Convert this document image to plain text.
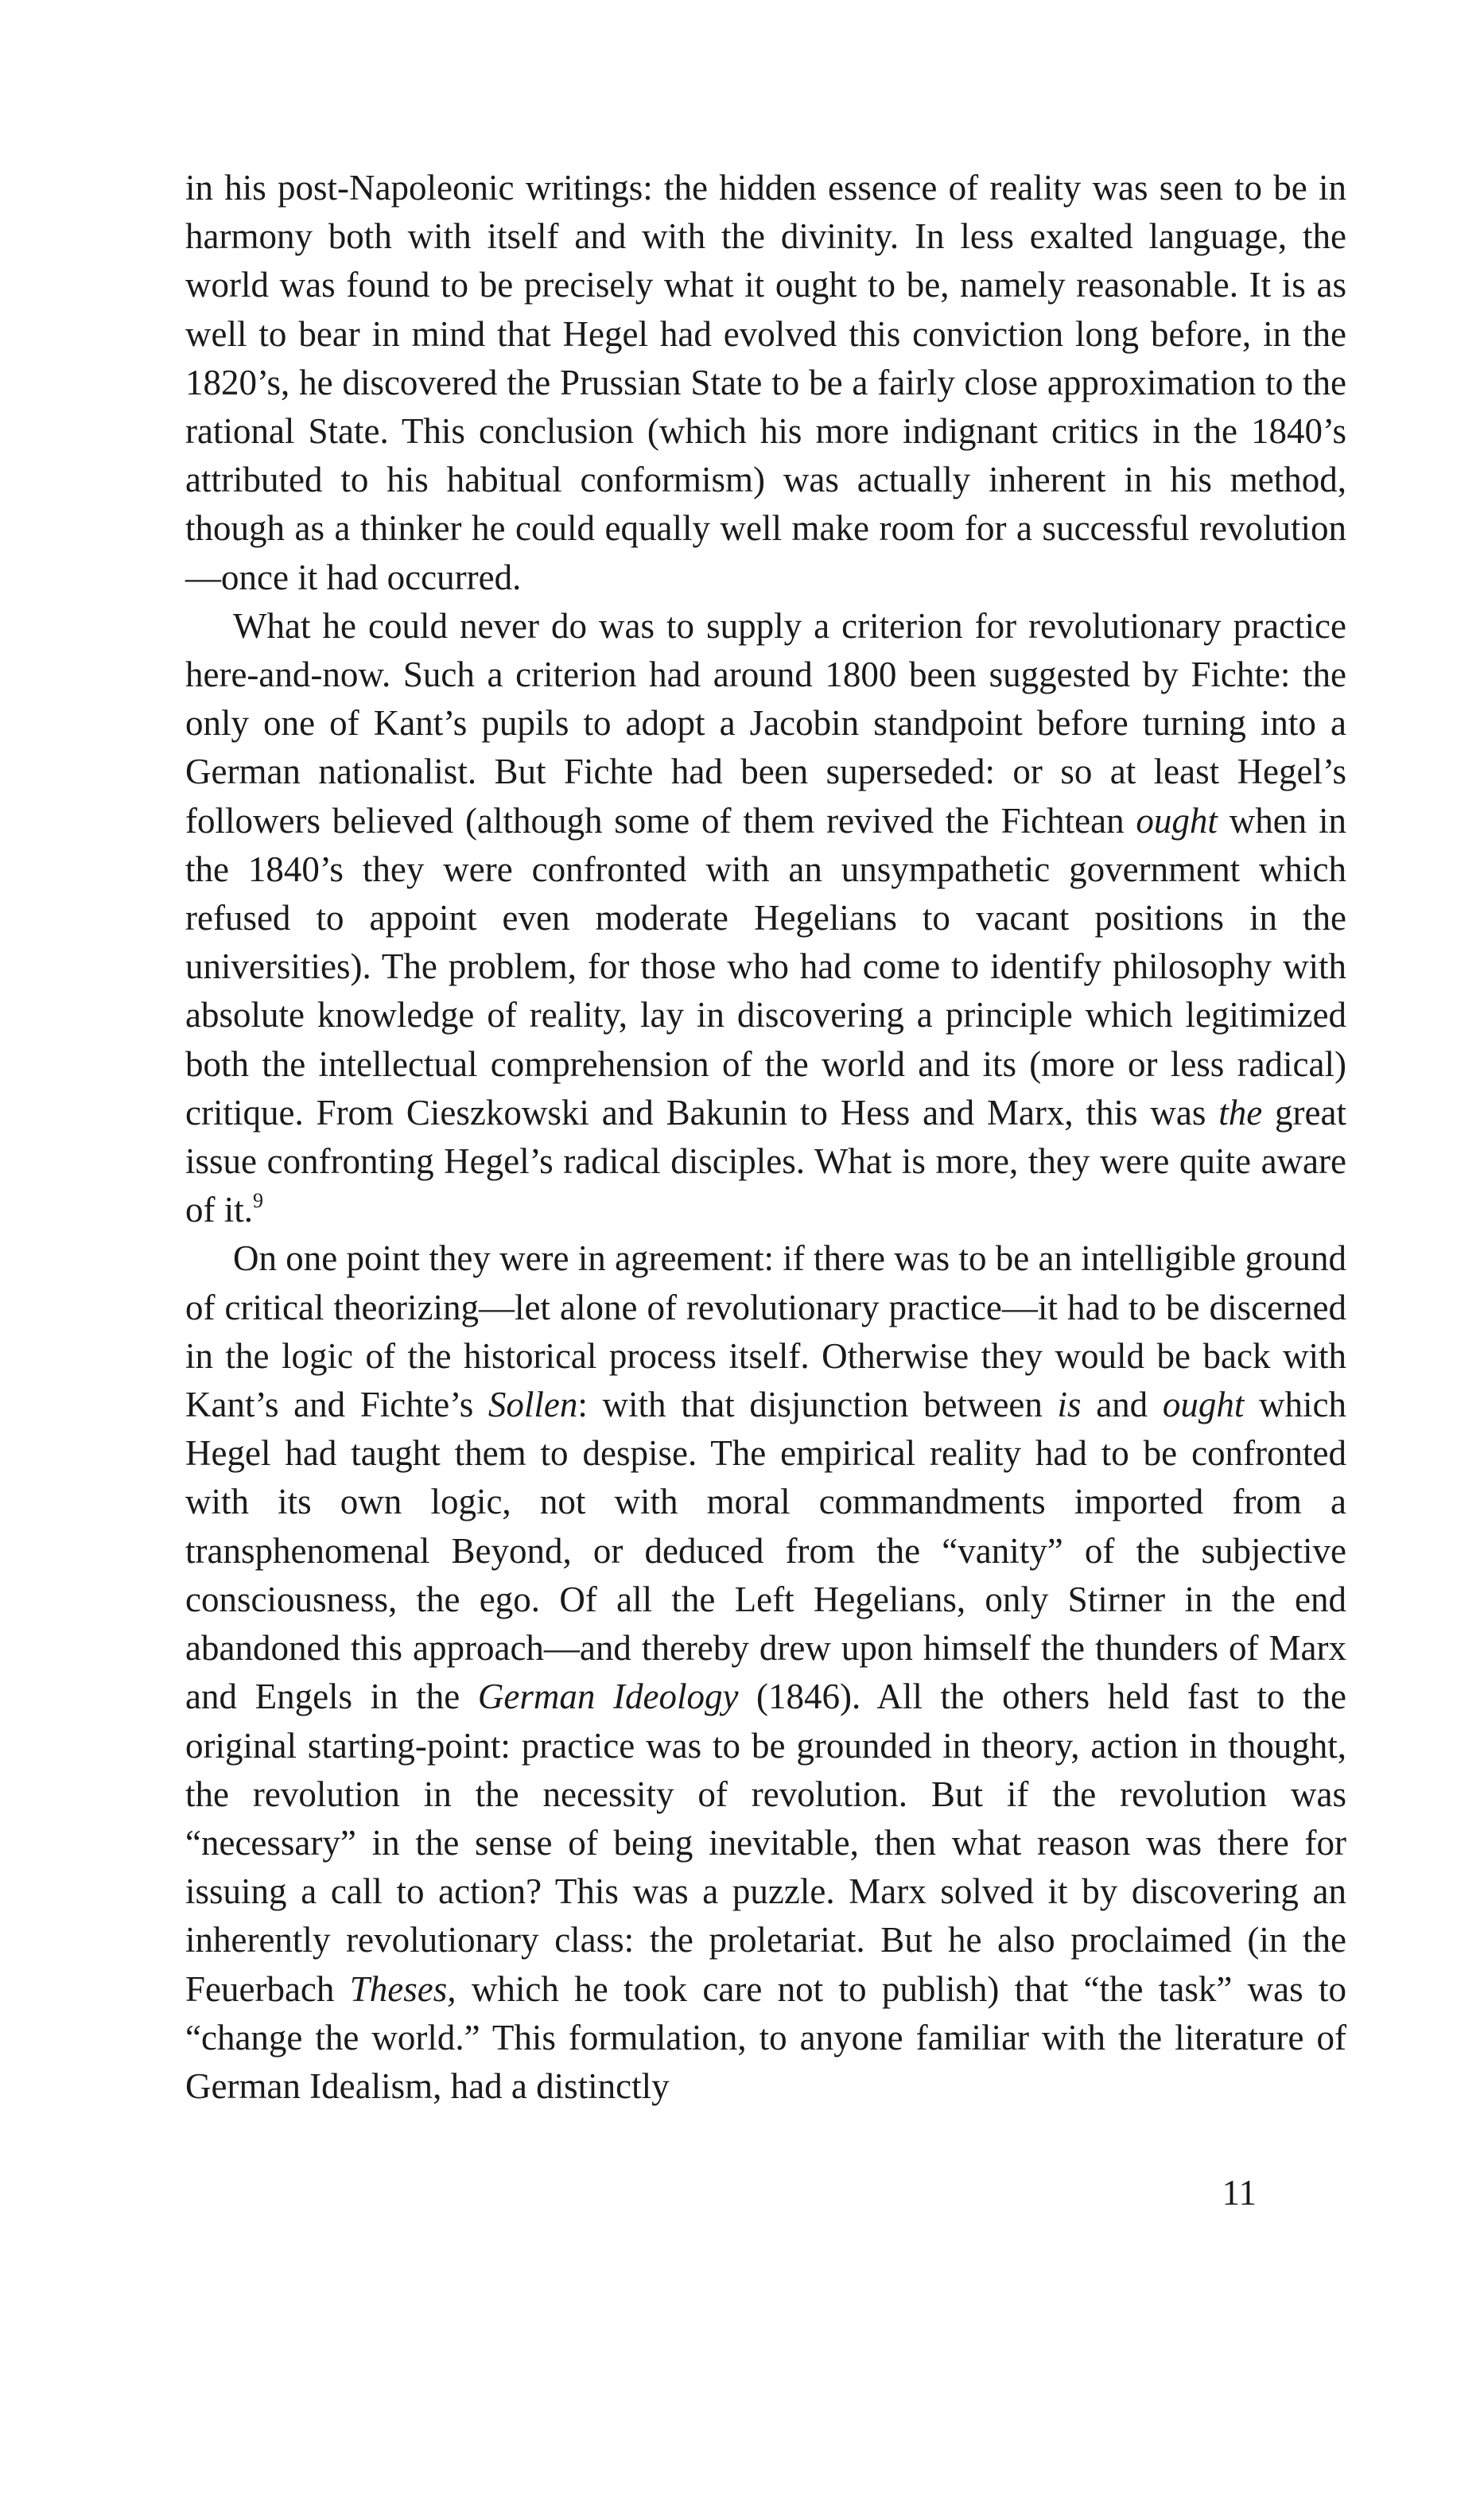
in his post-Napoleonic writings: the hidden essence of reality was seen to be in harmony both with itself and with the divinity. In less exalted language, the world was found to be precisely what it ought to be, namely reasonable. It is as well to bear in mind that Hegel had evolved this conviction long before, in the 1820’s, he discovered the Prussian State to be a fairly close approximation to the rational State. This conclusion (which his more indignant critics in the 1840’s attributed to his habitual conformism) was actually inherent in his method, though as a thinker he could equally well make room for a successful revolution—once it had occurred.

What he could never do was to supply a criterion for revolutionary practice here-and-now. Such a criterion had around 1800 been suggested by Fichte: the only one of Kant’s pupils to adopt a Jacobin standpoint before turning into a German nationalist. But Fichte had been superseded: or so at least Hegel’s followers believed (although some of them revived the Fichtean ought when in the 1840’s they were confronted with an unsympathetic government which refused to appoint even moderate Hegelians to vacant positions in the universities). The problem, for those who had come to identify philosophy with absolute knowledge of reality, lay in discovering a principle which legitimized both the intellectual comprehension of the world and its (more or less radical) critique. From Cieszkowski and Bakunin to Hess and Marx, this was the great issue confronting Hegel’s radical disciples. What is more, they were quite aware of it.$^9$

On one point they were in agreement: if there was to be an intelligible ground of critical theorizing—let alone of revolutionary practice—it had to be discerned in the logic of the historical process itself. Otherwise they would be back with Kant’s and Fichte’s Sollen: with that disjunction between is and ought which Hegel had taught them to despise. The empirical reality had to be confronted with its own logic, not with moral commandments imported from a transphenomenal Beyond, or deduced from the “vanity” of the subjective consciousness, the ego. Of all the Left Hegelians, only Stirner in the end abandoned this approach—and thereby drew upon himself the thunders of Marx and Engels in the German Ideology (1846). All the others held fast to the original starting-point: practice was to be grounded in theory, action in thought, the revolution in the necessity of revolution. But if the revolution was “necessary” in the sense of being inevitable, then what reason was there for issuing a call to action? This was a puzzle. Marx solved it by discovering an inherently revolutionary class: the proletariat. But he also proclaimed (in the Feuerbach Theses, which he took care not to publish) that “the task” was to “change the world.” This formulation, to anyone familiar with the literature of German Idealism, had a distinctly

11
